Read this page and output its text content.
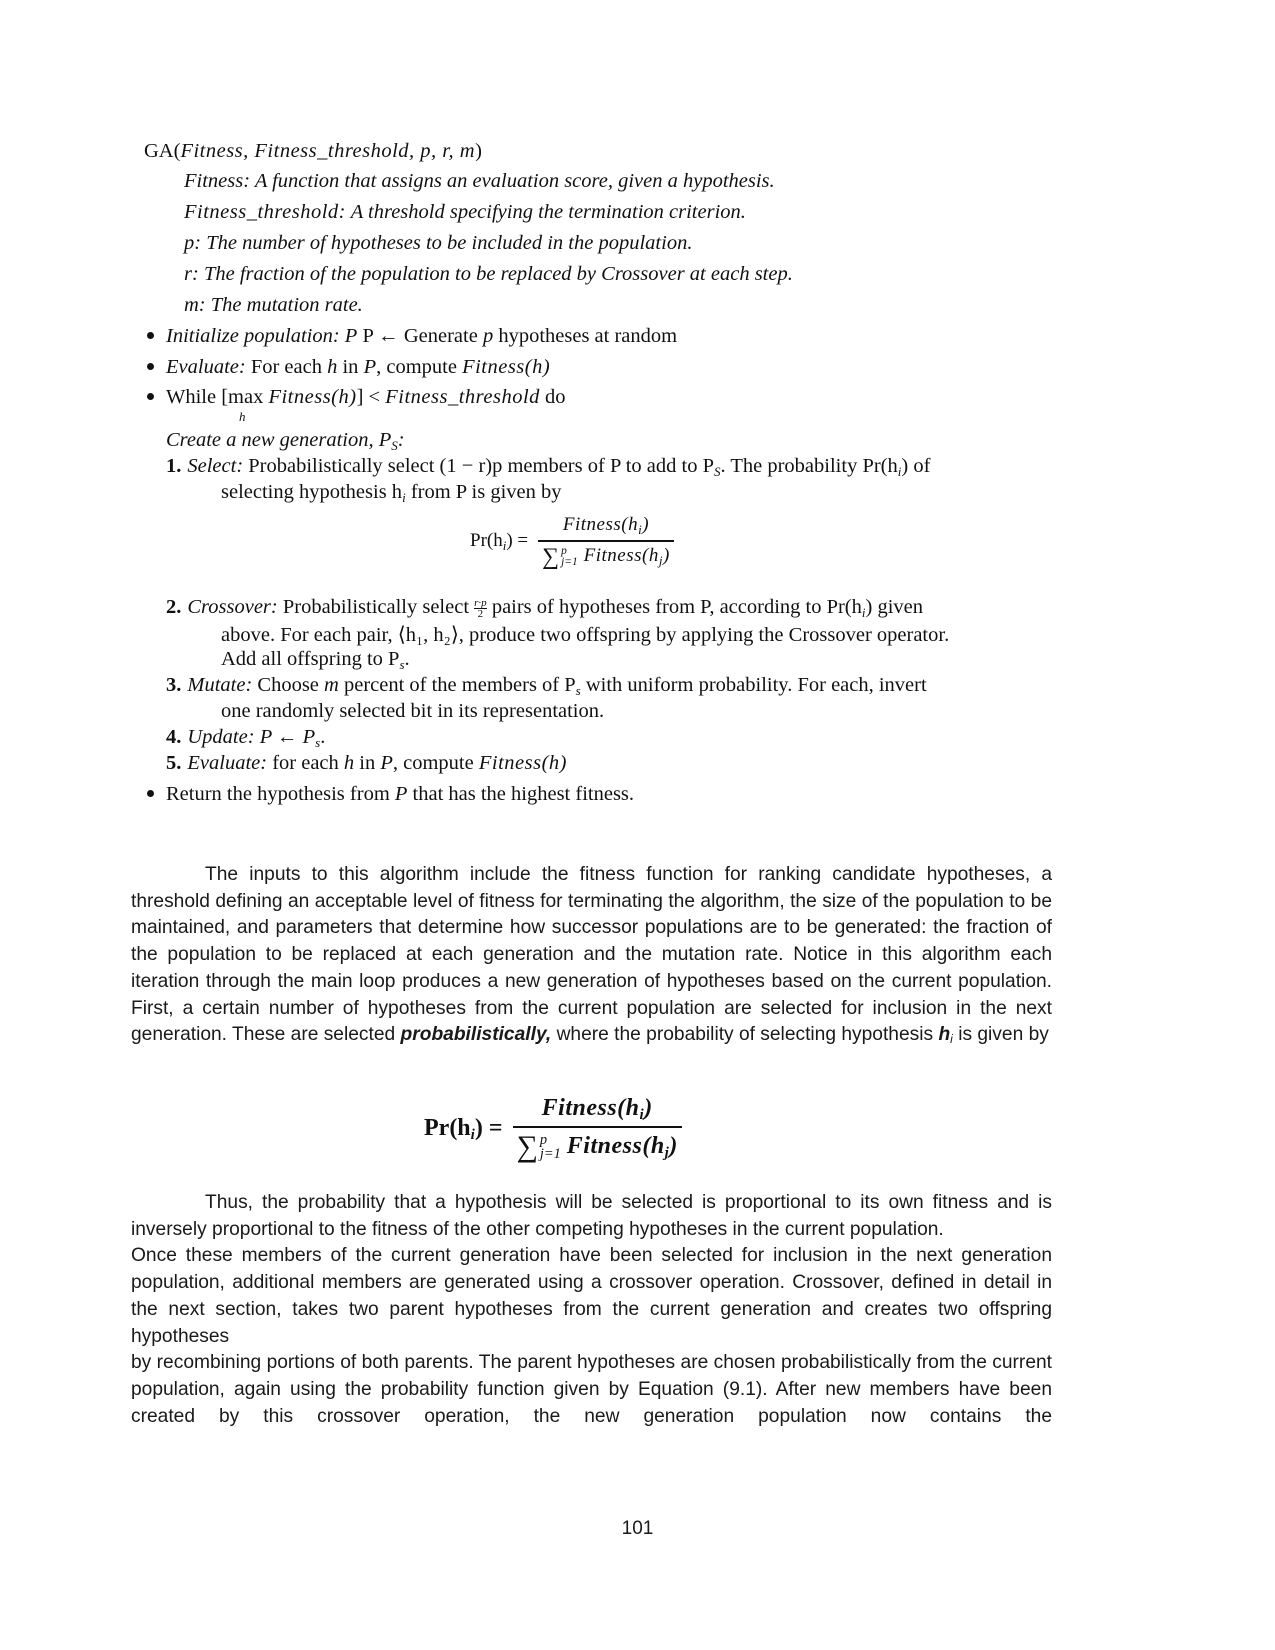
GA(Fitness, Fitness_threshold, p, r, m)
Fitness: A function that assigns an evaluation score, given a hypothesis.
Fitness_threshold: A threshold specifying the termination criterion.
p: The number of hypotheses to be included in the population.
r: The fraction of the population to be replaced by Crossover at each step.
m: The mutation rate.
Initialize population: P P ← Generate p hypotheses at random
Evaluate: For each h in P, compute Fitness(h)
While [max Fitness(h)] < Fitness_threshold do
h
Create a new generation, $P_S$:
1. Select: Probabilistically select (1 − r)p members of P to add to $P_S$. The probability $Pr(h_i)$ of
selecting hypothesis $h_i$ from P is given by
$Pr(h_i)$ = $Fitness(h_i)$
∑ p
j=1 $Fitness(h_j)$
2. Crossover: Probabilistically select $\frac{r\cdot p}{2}$ pairs of hypotheses from P, according to $Pr(h_i)$ given
above. For each pair, ⟨h₁, h₂⟩, produce two offspring by applying the Crossover operator.
Add all offspring to $P_s$.
3. Mutate: Choose m percent of the members of $P_s$ with uniform probability. For each, invert
one randomly selected bit in its representation.
4. Update: P ← $P_s$.
5. Evaluate: for each h in P, compute Fitness(h)
Return the hypothesis from P that has the highest fitness.

The inputs to this algorithm include the fitness function for ranking candidate hypotheses, a threshold defining an acceptable level of fitness for terminating the algorithm, the size of the population to be maintained, and parameters that determine how successor populations are to be generated: the fraction of the population to be replaced at each generation and the mutation rate. Notice in this algorithm each iteration through the main loop produces a new generation of hypotheses based on the current population. First, a certain number of hypotheses from the current population are selected for inclusion in the next generation. These are selected probabilistically, where the probability of selecting hypothesis hi is given by

$Pr(h_i)$ = $Fitness(h_i)$
∑ p
j=1 $Fitness(h_j)$

Thus, the probability that a hypothesis will be selected is proportional to its own fitness and is inversely proportional to the fitness of the other competing hypotheses in the current population.

Once these members of the current generation have been selected for inclusion in the next generation population, additional members are generated using a crossover operation. Crossover, defined in detail in the next section, takes two parent hypotheses from the current generation and creates two offspring hypotheses

by recombining portions of both parents. The parent hypotheses are chosen probabilistically from the current population, again using the probability function given by Equation (9.1). After new members have been created by this crossover operation, the new generation population now contains the

101
